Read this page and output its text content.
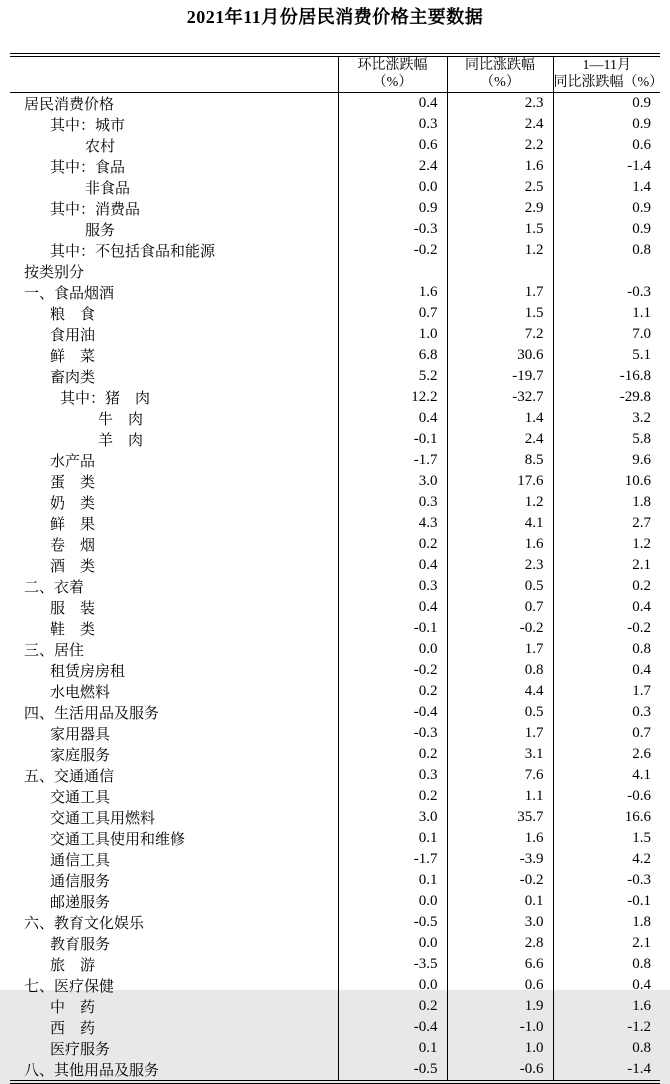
2021年11月份居民消费价格主要数据

环比涨跌幅
（%）

同比涨跌幅
（%）

1—11月
同比涨跌幅（%）

居民消费价格	0.4	2.3	0.9
其中：城市	0.3	2.4	0.9
农村	0.6	2.2	0.6
其中：食品	2.4	1.6	-1.4
非食品	0.0	2.5	1.4
其中：消费品	0.9	2.9	0.9
服务	-0.3	1.5	0.9
其中：不包括食品和能源	-0.2	1.2	0.8
按类别分			
一、食品烟酒	1.6	1.7	-0.3
粮　食	0.7	1.5	1.1
食用油	1.0	7.2	7.0
鲜　菜	6.8	30.6	5.1
畜肉类	5.2	-19.7	-16.8
其中：猪　肉	12.2	-32.7	-29.8
牛　肉	0.4	1.4	3.2
羊　肉	-0.1	2.4	5.8
水产品	-1.7	8.5	9.6
蛋　类	3.0	17.6	10.6
奶　类	0.3	1.2	1.8
鲜　果	4.3	4.1	2.7
卷　烟	0.2	1.6	1.2
酒　类	0.4	2.3	2.1
二、衣着	0.3	0.5	0.2
服　装	0.4	0.7	0.4
鞋　类	-0.1	-0.2	-0.2
三、居住	0.0	1.7	0.8
租赁房房租	-0.2	0.8	0.4
水电燃料	0.2	4.4	1.7
四、生活用品及服务	-0.4	0.5	0.3
家用器具	-0.3	1.7	0.7
家庭服务	0.2	3.1	2.6
五、交通通信	0.3	7.6	4.1
交通工具	0.2	1.1	-0.6
交通工具用燃料	3.0	35.7	16.6
交通工具使用和维修	0.1	1.6	1.5
通信工具	-1.7	-3.9	4.2
通信服务	0.1	-0.2	-0.3
邮递服务	0.0	0.1	-0.1
六、教育文化娱乐	-0.5	3.0	1.8
教育服务	0.0	2.8	2.1
旅　游	-3.5	6.6	0.8
七、医疗保健	0.0	0.6	0.4
中　药	0.2	1.9	1.6
西　药	-0.4	-1.0	-1.2
医疗服务	0.1	1.0	0.8
八、其他用品及服务	-0.5	-0.6	-1.4
